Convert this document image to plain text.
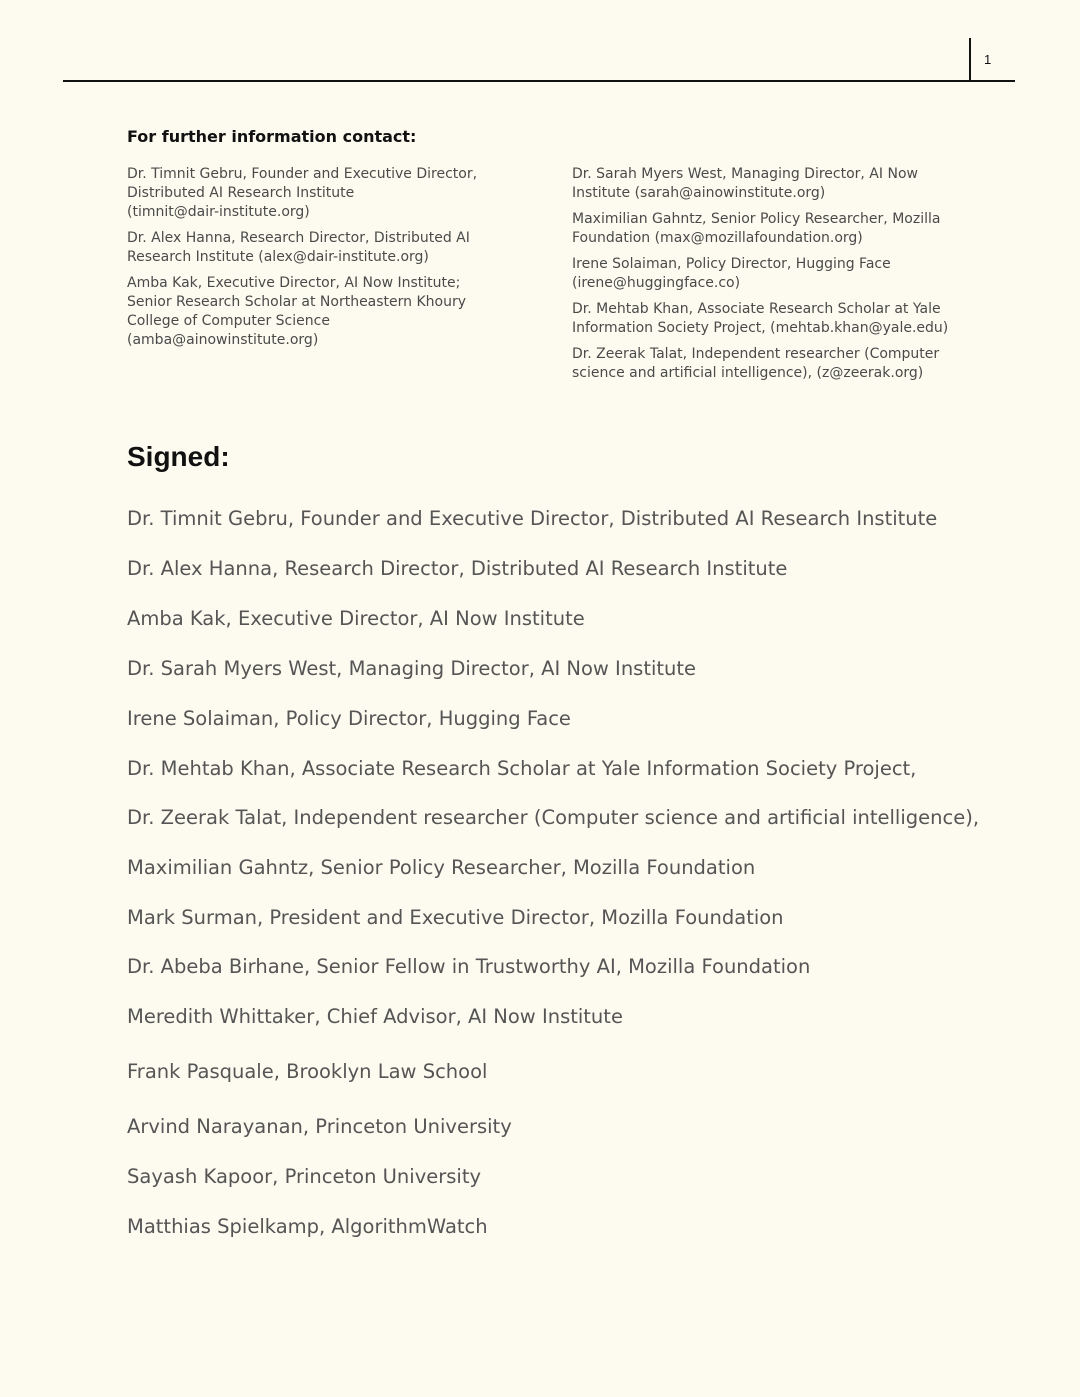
1
For further information contact:

Dr. Timnit Gebru, Founder and Executive Director,
Distributed AI Research Institute
(timnit@dair-institute.org)

Dr. Alex Hanna, Research Director, Distributed AI
Research Institute (alex@dair-institute.org)

Amba Kak, Executive Director, AI Now Institute;
Senior Research Scholar at Northeastern Khoury
College of Computer Science
(amba@ainowinstitute.org)

Dr. Sarah Myers West, Managing Director, AI Now
Institute (sarah@ainowinstitute.org)

Maximilian Gahntz, Senior Policy Researcher, Mozilla
Foundation (max@mozillafoundation.org)

Irene Solaiman, Policy Director, Hugging Face
(irene@huggingface.co)

Dr. Mehtab Khan, Associate Research Scholar at Yale
Information Society Project, (mehtab.khan@yale.edu)

Dr. Zeerak Talat, Independent researcher (Computer
science and artificial intelligence), (z@zeerak.org)

Signed:

Dr. Timnit Gebru, Founder and Executive Director, Distributed AI Research Institute

Dr. Alex Hanna, Research Director, Distributed AI Research Institute

Amba Kak, Executive Director, AI Now Institute

Dr. Sarah Myers West, Managing Director, AI Now Institute

Irene Solaiman, Policy Director, Hugging Face

Dr. Mehtab Khan, Associate Research Scholar at Yale Information Society Project,

Dr. Zeerak Talat, Independent researcher (Computer science and artificial intelligence),

Maximilian Gahntz, Senior Policy Researcher, Mozilla Foundation

Mark Surman, President and Executive Director, Mozilla Foundation

Dr. Abeba Birhane, Senior Fellow in Trustworthy AI, Mozilla Foundation

Meredith Whittaker, Chief Advisor, AI Now Institute

Frank Pasquale, Brooklyn Law School

Arvind Narayanan, Princeton University

Sayash Kapoor, Princeton University

Matthias Spielkamp, AlgorithmWatch
